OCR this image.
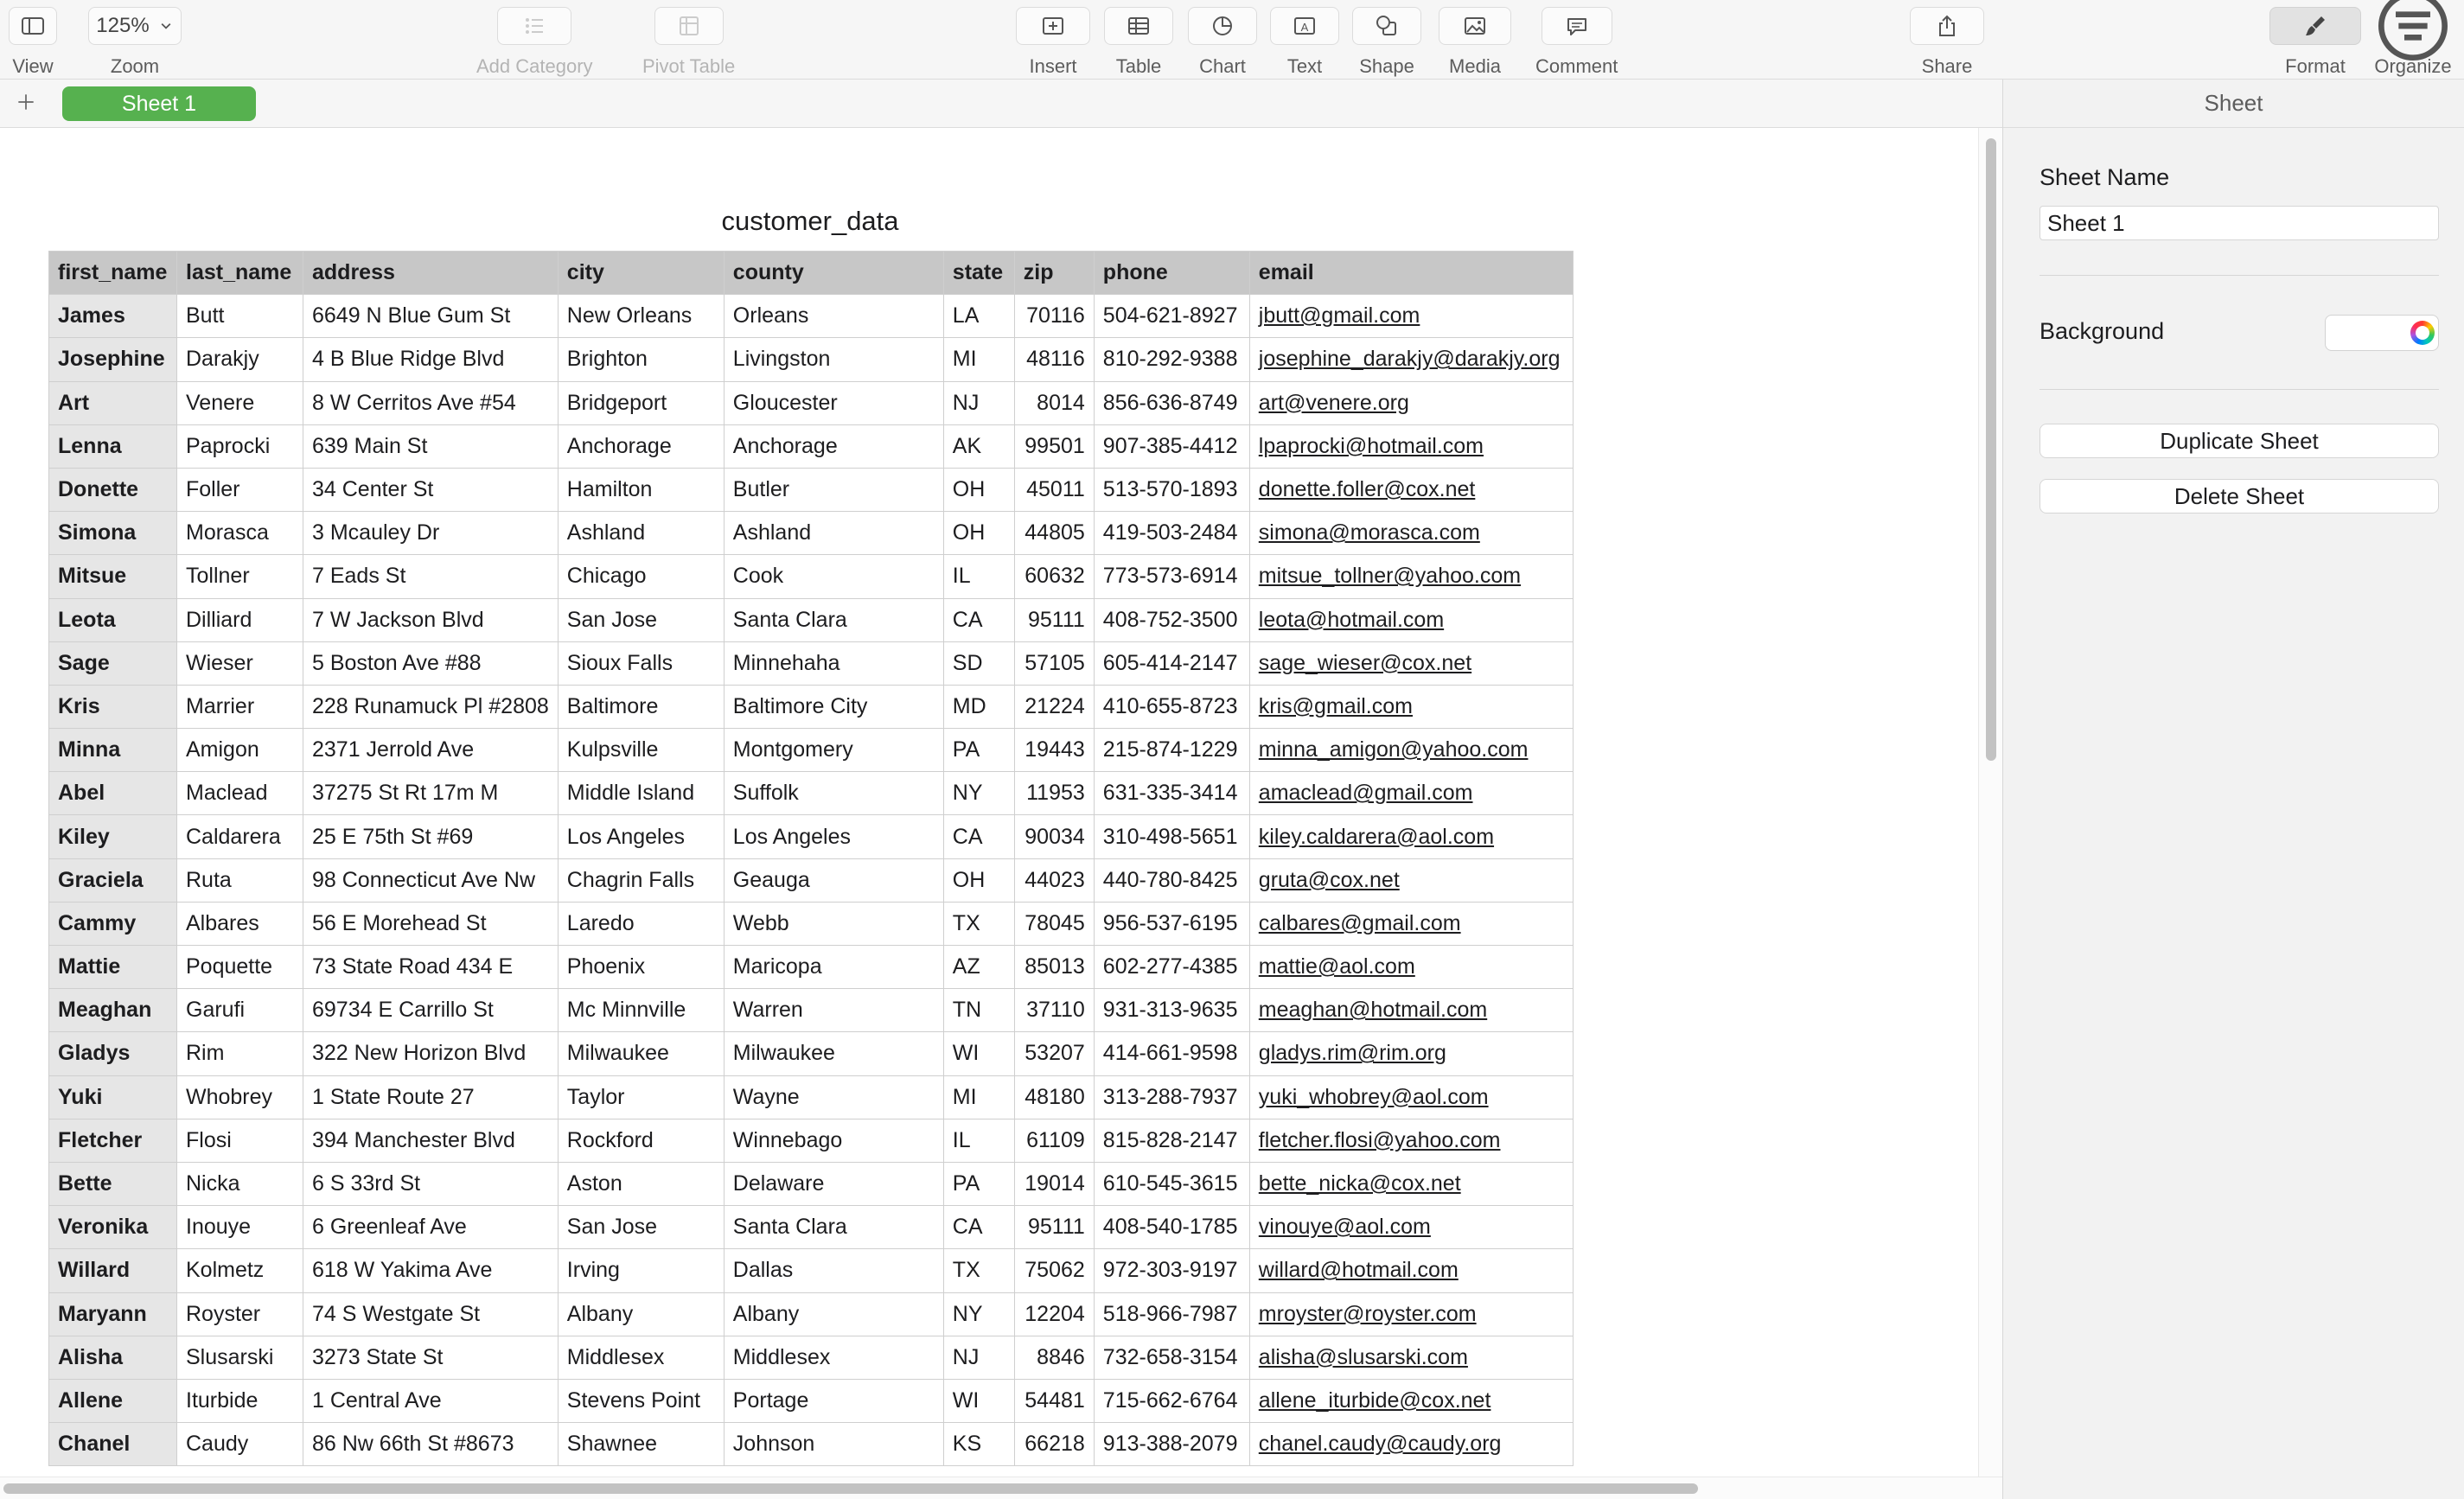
View
125%
Zoom	Add Category	Pivot Table	Insert Table Chart
A
Text Shape Media Comment	Share	Format Organize
Sheet 1
customer_data
first_name	last_name	address	city	county	state	zip	phone	email
James	Butt	6649 N Blue Gum St	New Orleans	Orleans	LA	70116	504-621-8927	jbutt@gmail.com
Josephine	Darakjy	4 B Blue Ridge Blvd	Brighton	Livingston	MI	48116	810-292-9388	josephine_darakjy@darakjy.org
Art	Venere	8 W Cerritos Ave #54	Bridgeport	Gloucester	NJ	8014	856-636-8749	art@venere.org
Lenna	Paprocki	639 Main St	Anchorage	Anchorage	AK	99501	907-385-4412	lpaprocki@hotmail.com
Donette	Foller	34 Center St	Hamilton	Butler	OH	45011	513-570-1893	donette.foller@cox.net
Simona	Morasca	3 Mcauley Dr	Ashland	Ashland	OH	44805	419-503-2484	simona@morasca.com
Mitsue	Tollner	7 Eads St	Chicago	Cook	IL	60632	773-573-6914	mitsue_tollner@yahoo.com
Leota	Dilliard	7 W Jackson Blvd	San Jose	Santa Clara	CA	95111	408-752-3500	leota@hotmail.com
Sage	Wieser	5 Boston Ave #88	Sioux Falls	Minnehaha	SD	57105	605-414-2147	sage_wieser@cox.net
Kris	Marrier	228 Runamuck Pl #2808	Baltimore	Baltimore City	MD	21224	410-655-8723	kris@gmail.com
Minna	Amigon	2371 Jerrold Ave	Kulpsville	Montgomery	PA	19443	215-874-1229	minna_amigon@yahoo.com
Abel	Maclead	37275 St Rt 17m M	Middle Island	Suffolk	NY	11953	631-335-3414	amaclead@gmail.com
Kiley	Caldarera	25 E 75th St #69	Los Angeles	Los Angeles	CA	90034	310-498-5651	kiley.caldarera@aol.com
Graciela	Ruta	98 Connecticut Ave Nw	Chagrin Falls	Geauga	OH	44023	440-780-8425	gruta@cox.net
Cammy	Albares	56 E Morehead St	Laredo	Webb	TX	78045	956-537-6195	calbares@gmail.com
Mattie	Poquette	73 State Road 434 E	Phoenix	Maricopa	AZ	85013	602-277-4385	mattie@aol.com
Meaghan	Garufi	69734 E Carrillo St	Mc Minnville	Warren	TN	37110	931-313-9635	meaghan@hotmail.com
Gladys	Rim	322 New Horizon Blvd	Milwaukee	Milwaukee	WI	53207	414-661-9598	gladys.rim@rim.org
Yuki	Whobrey	1 State Route 27	Taylor	Wayne	MI	48180	313-288-7937	yuki_whobrey@aol.com
Fletcher	Flosi	394 Manchester Blvd	Rockford	Winnebago	IL	61109	815-828-2147	fletcher.flosi@yahoo.com
Bette	Nicka	6 S 33rd St	Aston	Delaware	PA	19014	610-545-3615	bette_nicka@cox.net
Veronika	Inouye	6 Greenleaf Ave	San Jose	Santa Clara	CA	95111	408-540-1785	vinouye@aol.com
Willard	Kolmetz	618 W Yakima Ave	Irving	Dallas	TX	75062	972-303-9197	willard@hotmail.com
Maryann	Royster	74 S Westgate St	Albany	Albany	NY	12204	518-966-7987	mroyster@royster.com
Alisha	Slusarski	3273 State St	Middlesex	Middlesex	NJ	8846	732-658-3154	alisha@slusarski.com
Allene	Iturbide	1 Central Ave	Stevens Point	Portage	WI	54481	715-662-6764	allene_iturbide@cox.net
Chanel	Caudy	86 Nw 66th St #8673	Shawnee	Johnson	KS	66218	913-388-2079	chanel.caudy@caudy.org
Sheet
Sheet Name
Sheet 1
Background
Duplicate Sheet
Delete Sheet
